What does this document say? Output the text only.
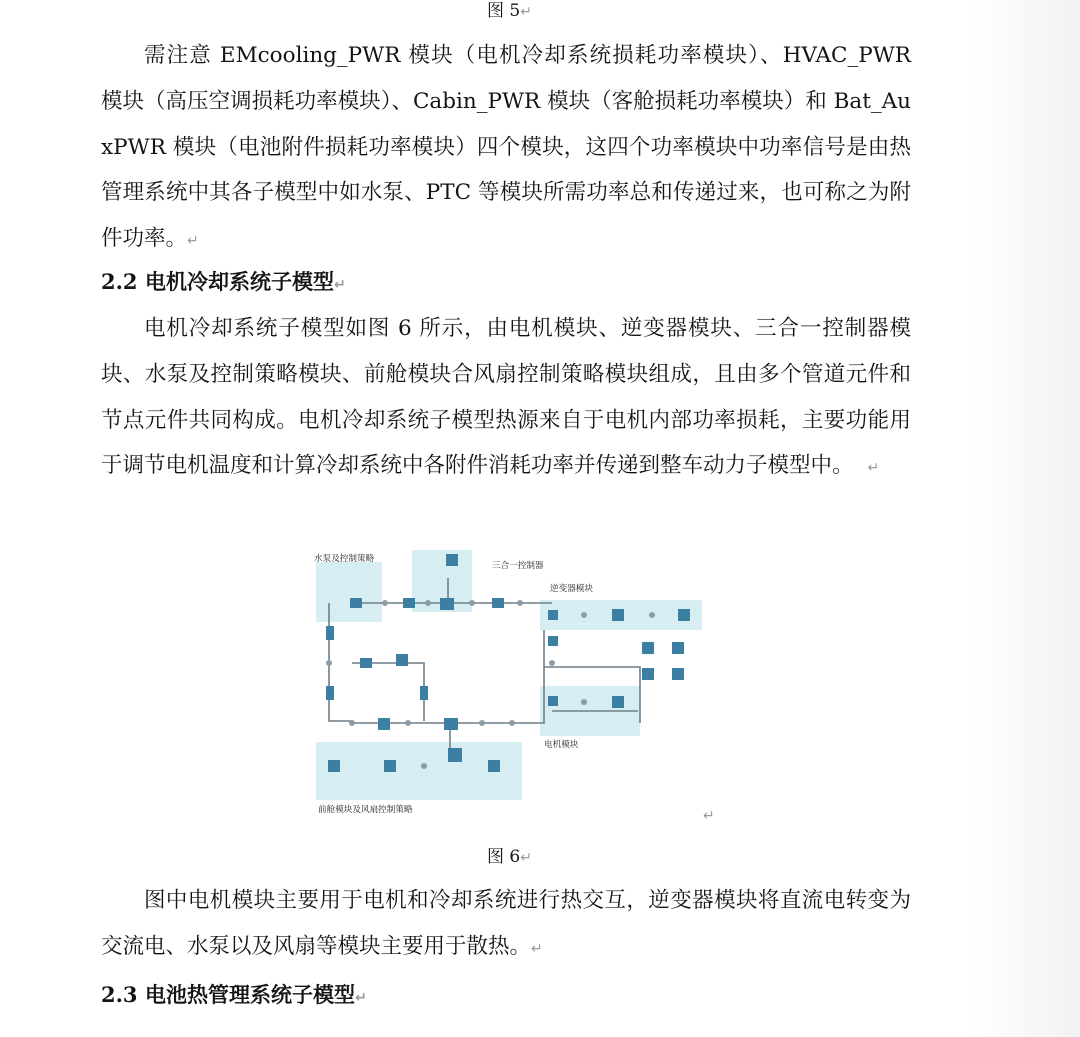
图 5↵

需注意 EMcooling_PWR 模块（电机冷却系统损耗功率模块）、HVAC_PWR 模块（高压空调损耗功率模块）、Cabin_PWR 模块（客舱损耗功率模块）和 Bat_AuxPWR 模块（电池附件损耗功率模块）四个模块，这四个功率模块中功率信号是由热管理系统中其各子模型中如水泵、PTC 等模块所需功率总和传递过来，也可称之为附件功率。↵

2.2 电机冷却系统子模型↵

电机冷却系统子模型如图 6 所示，由电机模块、逆变器模块、三合一控制器模块、水泵及控制策略模块、前舱模块合风扇控制策略模块组成，且由多个管道元件和节点元件共同构成。电机冷却系统子模型热源来自于电机内部功率损耗，主要功能用于调节电机温度和计算冷却系统中各附件消耗功率并传递到整车动力子模型中。 ↵

水泵及控制策略
三合一控制器
逆变器模块
电机模块
前舱模块及风扇控制策略	↵
图 6↵

图中电机模块主要用于电机和冷却系统进行热交互，逆变器模块将直流电转变为交流电、水泵以及风扇等模块主要用于散热。↵

2.3 电池热管理系统子模型↵
